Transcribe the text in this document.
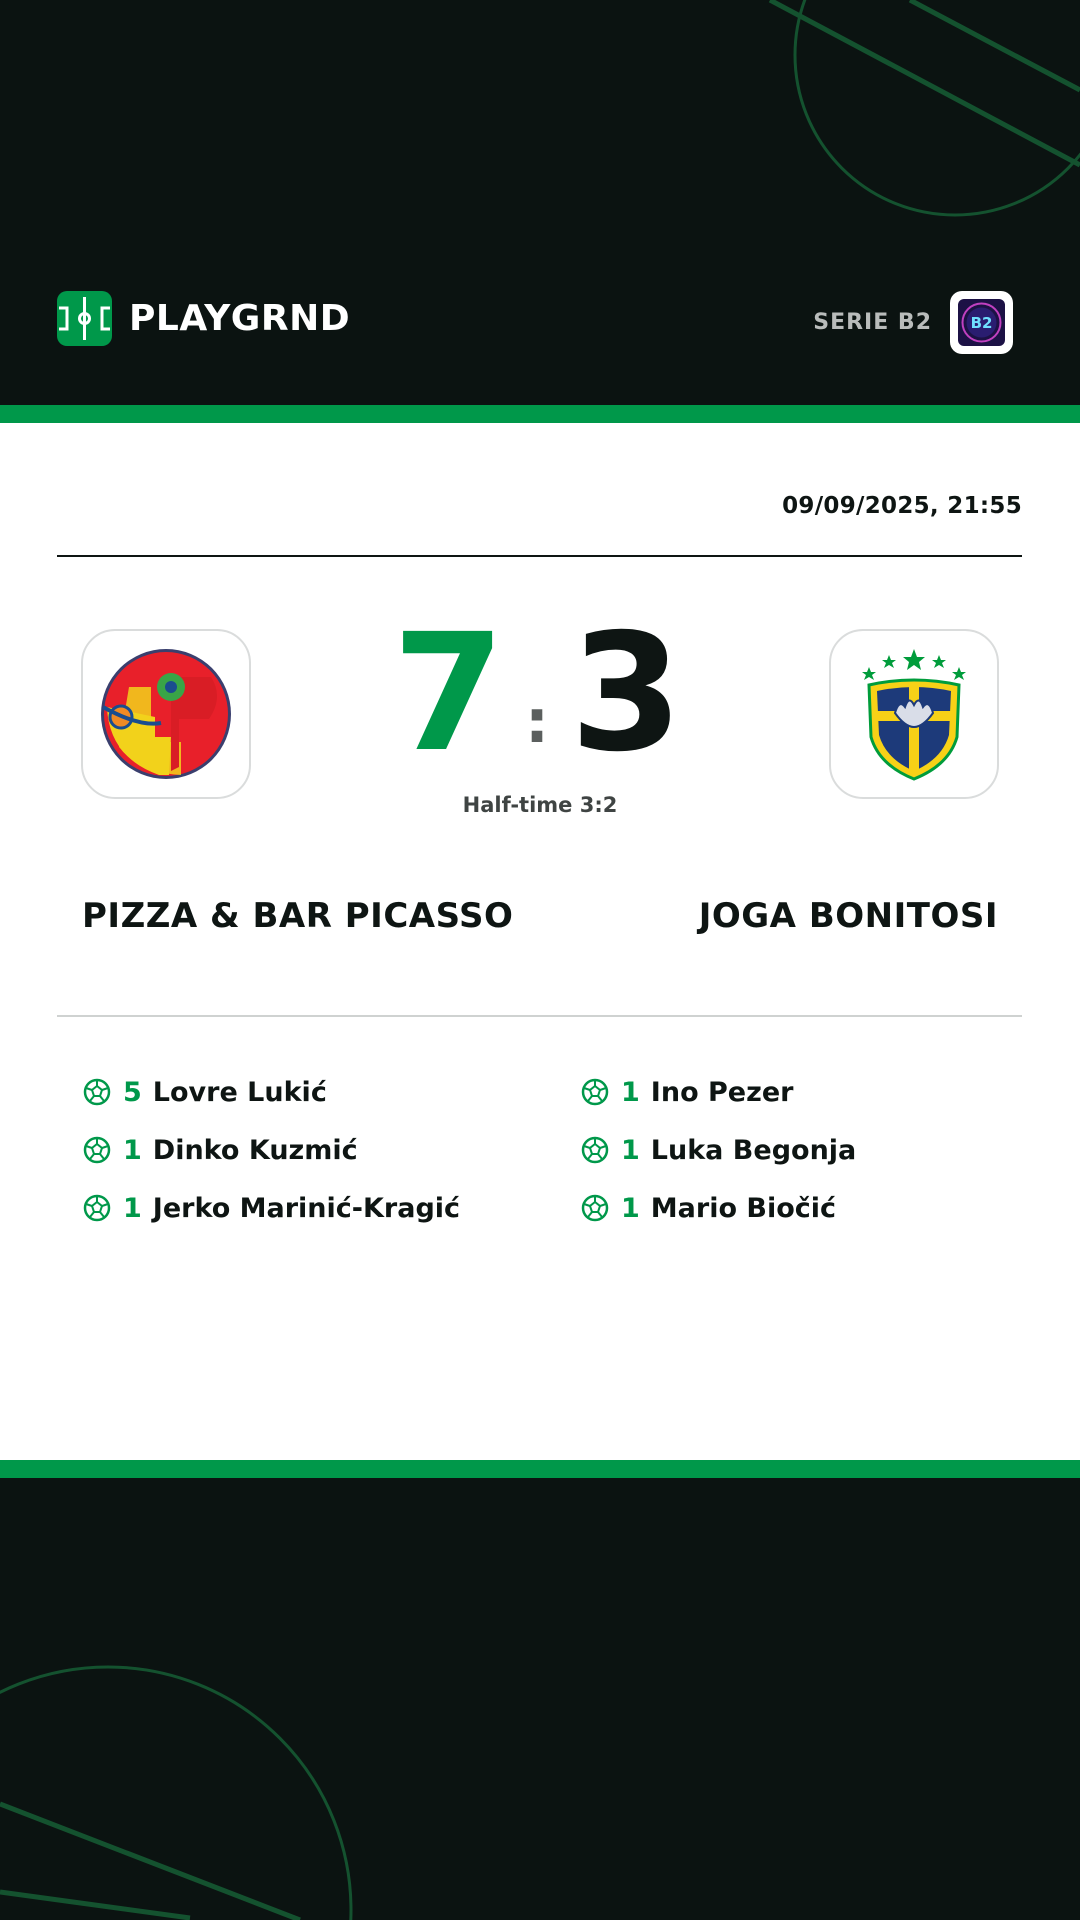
PLAYGRND	SERIE B2	B2
09/09/2025, 21:55
7 : 3
Half-time 3:2
PIZZA & BAR PICASSO	JOGA BONITOSI
5 Lovre Lukić
1 Dinko Kuzmić
1 Jerko Marinić-Kragić
1 Ino Pezer
1 Luka Begonja
1 Mario Biočić
